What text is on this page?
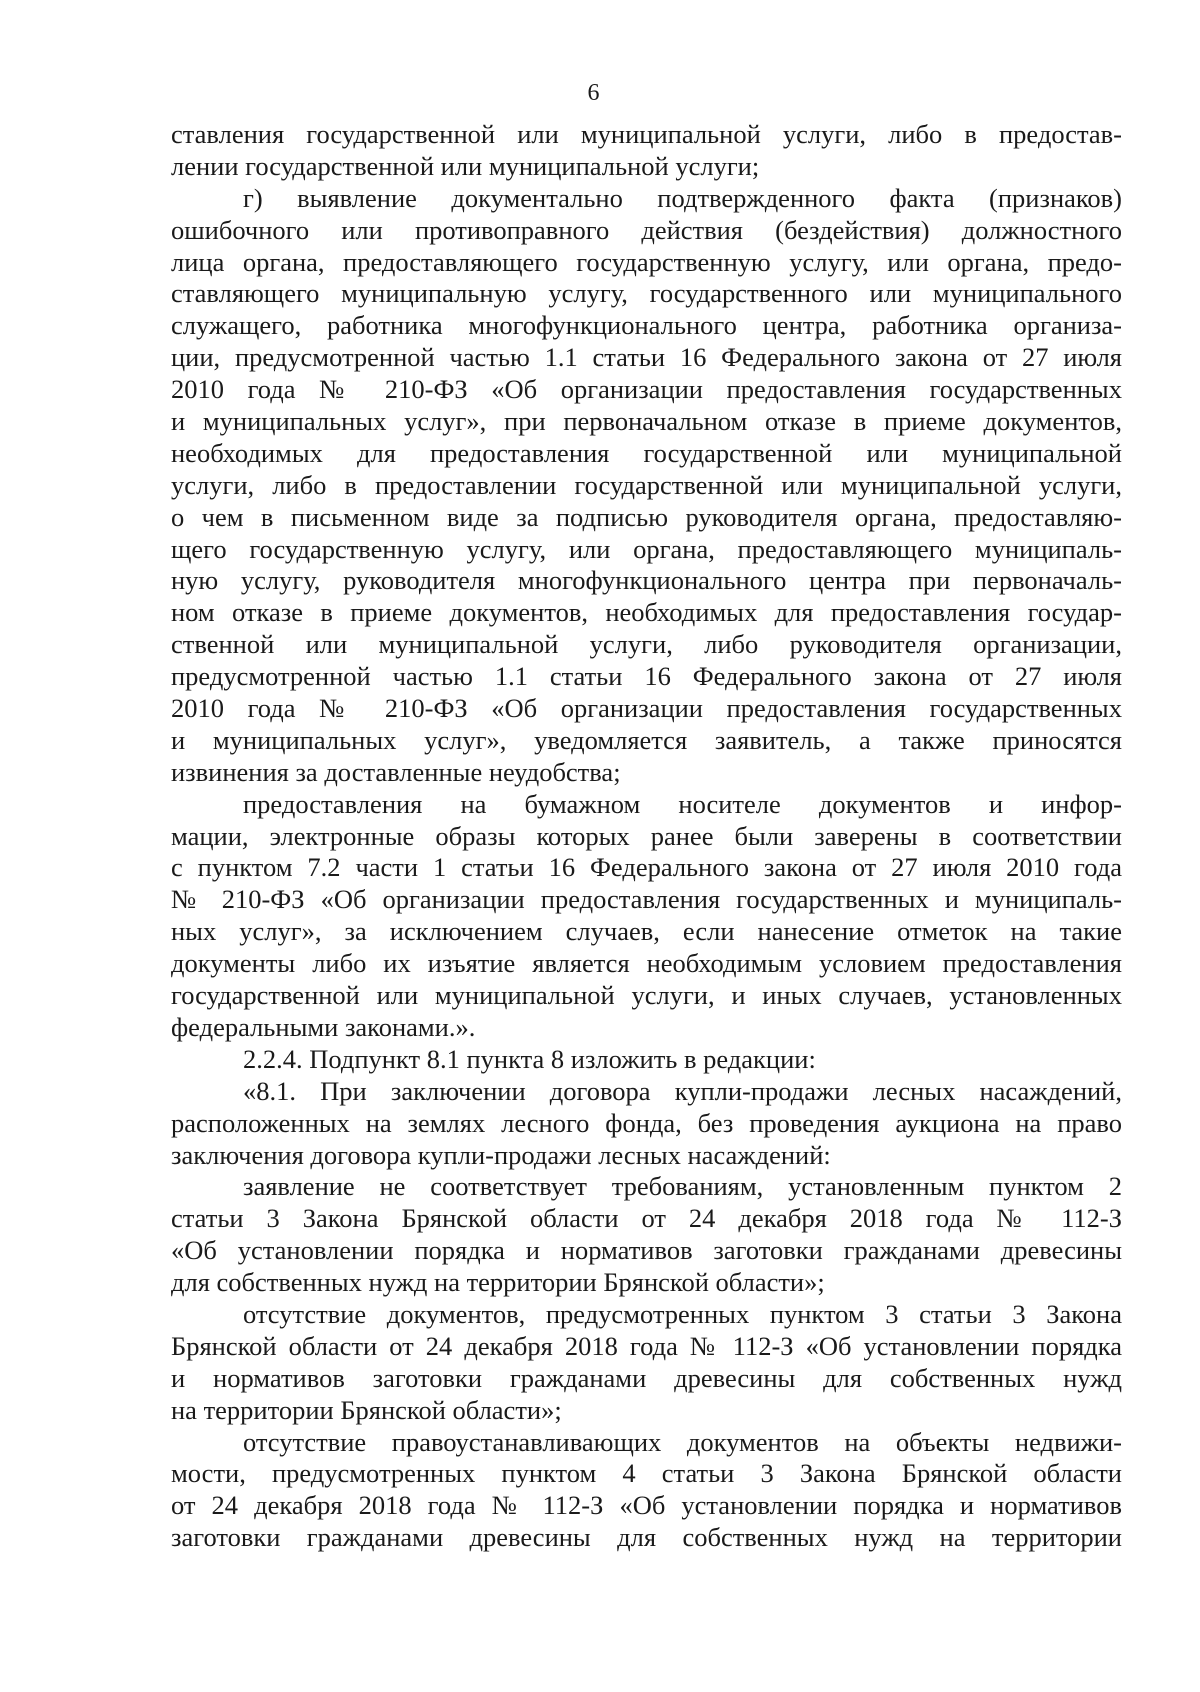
6
ставления государственной или муниципальной услуги, либо в предостав-
лении государственной или муниципальной услуги;
г) выявление документально подтвержденного факта (признаков)
ошибочного или противоправного действия (бездействия) должностного
лица органа, предоставляющего государственную услугу, или органа, предо-
ставляющего муниципальную услугу, государственного или муниципального
служащего, работника многофункционального центра, работника организа-
ции, предусмотренной частью 1.1 статьи 16 Федерального закона от 27 июля
2010 года № 210-ФЗ «Об организации предоставления государственных
и муниципальных услуг», при первоначальном отказе в приеме документов,
необходимых для предоставления государственной или муниципальной
услуги, либо в предоставлении государственной или муниципальной услуги,
о чем в письменном виде за подписью руководителя органа, предоставляю-
щего государственную услугу, или органа, предоставляющего муниципаль-
ную услугу, руководителя многофункционального центра при первоначаль-
ном отказе в приеме документов, необходимых для предоставления государ-
ственной или муниципальной услуги, либо руководителя организации,
предусмотренной частью 1.1 статьи 16 Федерального закона от 27 июля
2010 года № 210-ФЗ «Об организации предоставления государственных
и муниципальных услуг», уведомляется заявитель, а также приносятся
извинения за доставленные неудобства;
предоставления на бумажном носителе документов и инфор-
мации, электронные образы которых ранее были заверены в соответствии
с пунктом 7.2 части 1 статьи 16 Федерального закона от 27 июля 2010 года
№ 210-ФЗ «Об организации предоставления государственных и муниципаль-
ных услуг», за исключением случаев, если нанесение отметок на такие
документы либо их изъятие является необходимым условием предоставления
государственной или муниципальной услуги, и иных случаев, установленных
федеральными законами.».
2.2.4. Подпункт 8.1 пункта 8 изложить в редакции:
«8.1. При заключении договора купли-продажи лесных насаждений,
расположенных на землях лесного фонда, без проведения аукциона на право
заключения договора купли-продажи лесных насаждений:
заявление не соответствует требованиям, установленным пунктом 2
статьи 3 Закона Брянской области от 24 декабря 2018 года № 112-З
«Об установлении порядка и нормативов заготовки гражданами древесины
для собственных нужд на территории Брянской области»;
отсутствие документов, предусмотренных пунктом 3 статьи 3 Закона
Брянской области от 24 декабря 2018 года № 112-З «Об установлении порядка
и нормативов заготовки гражданами древесины для собственных нужд
на территории Брянской области»;
отсутствие правоустанавливающих документов на объекты недвижи-
мости, предусмотренных пунктом 4 статьи 3 Закона Брянской области
от 24 декабря 2018 года № 112-З «Об установлении порядка и нормативов
заготовки гражданами древесины для собственных нужд на территории
